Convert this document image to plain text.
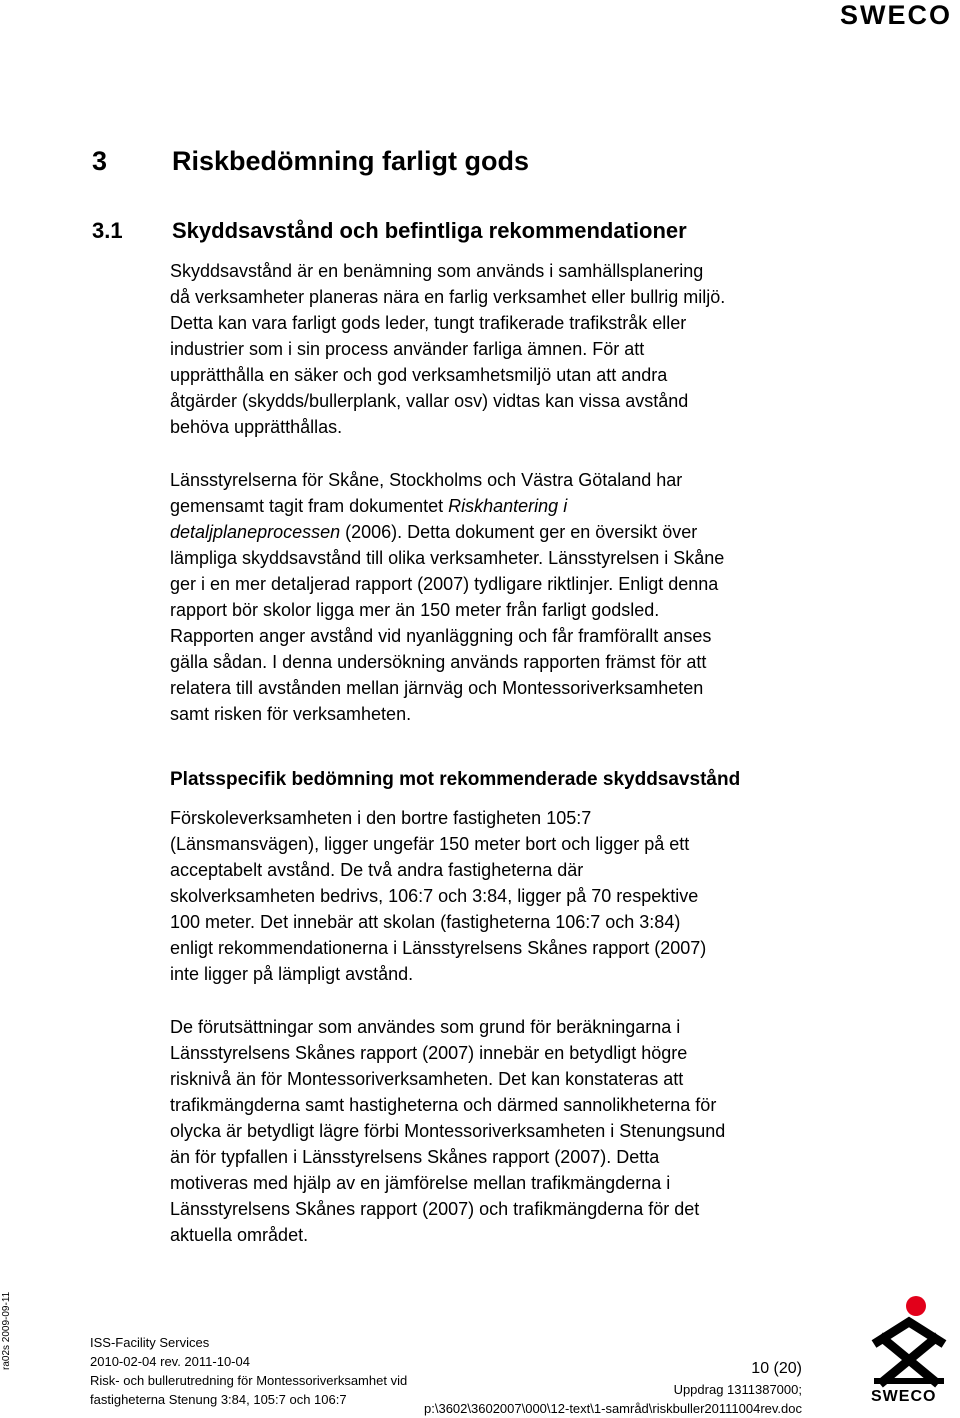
SWECO
3 Riskbedömning farligt gods
3.1 Skyddsavstånd och befintliga rekommendationer

Skyddsavstånd är en benämning som används i samhällsplanering
då verksamheter planeras nära en farlig verksamhet eller bullrig miljö.
Detta kan vara farligt gods leder, tungt trafikerade trafikstråk eller
industrier som i sin process använder farliga ämnen. För att
upprätthålla en säker och god verksamhetsmiljö utan att andra
åtgärder (skydds/bullerplank, vallar osv) vidtas kan vissa avstånd
behöva upprätthållas.

Länsstyrelserna för Skåne, Stockholms och Västra Götaland har
gemensamt tagit fram dokumentet Riskhantering i
detaljplaneprocessen (2006). Detta dokument ger en översikt över
lämpliga skyddsavstånd till olika verksamheter. Länsstyrelsen i Skåne
ger i en mer detaljerad rapport (2007) tydligare riktlinjer. Enligt denna
rapport bör skolor ligga mer än 150 meter från farligt godsled.
Rapporten anger avstånd vid nyanläggning och får framförallt anses
gälla sådan. I denna undersökning används rapporten främst för att
relatera till avstånden mellan järnväg och Montessoriverksamheten
samt risken för verksamheten.

Platsspecifik bedömning mot rekommenderade skyddsavstånd

Förskoleverksamheten i den bortre fastigheten 105:7
(Länsmansvägen), ligger ungefär 150 meter bort och ligger på ett
acceptabelt avstånd. De två andra fastigheterna där
skolverksamheten bedrivs, 106:7 och 3:84, ligger på 70 respektive
100 meter. Det innebär att skolan (fastigheterna 106:7 och 3:84)
enligt rekommendationerna i Länsstyrelsens Skånes rapport (2007)
inte ligger på lämpligt avstånd.

De förutsättningar som användes som grund för beräkningarna i
Länsstyrelsens Skånes rapport (2007) innebär en betydligt högre
risknivå än för Montessoriverksamheten. Det kan konstateras att
trafikmängderna samt hastigheterna och därmed sannolikheterna för
olycka är betydligt lägre förbi Montessoriverksamheten i Stenungsund
än för typfallen i Länsstyrelsens Skånes rapport (2007). Detta
motiveras med hjälp av en jämförelse mellan trafikmängderna i
Länsstyrelsens Skånes rapport (2007) och trafikmängderna för det
aktuella området.

ra02s 2009-09-11	ISS-Facility Services
2010-02-04 rev. 2011-10-04
Risk- och bullerutredning för Montessoriverksamhet vid
fastigheterna Stenung 3:84, 105:7 och 106:7
10 (20)
Uppdrag 1311387000;
p:\3602\3602007\000\12-text\1-samråd\riskbuller20111004rev.doc
SWECO
